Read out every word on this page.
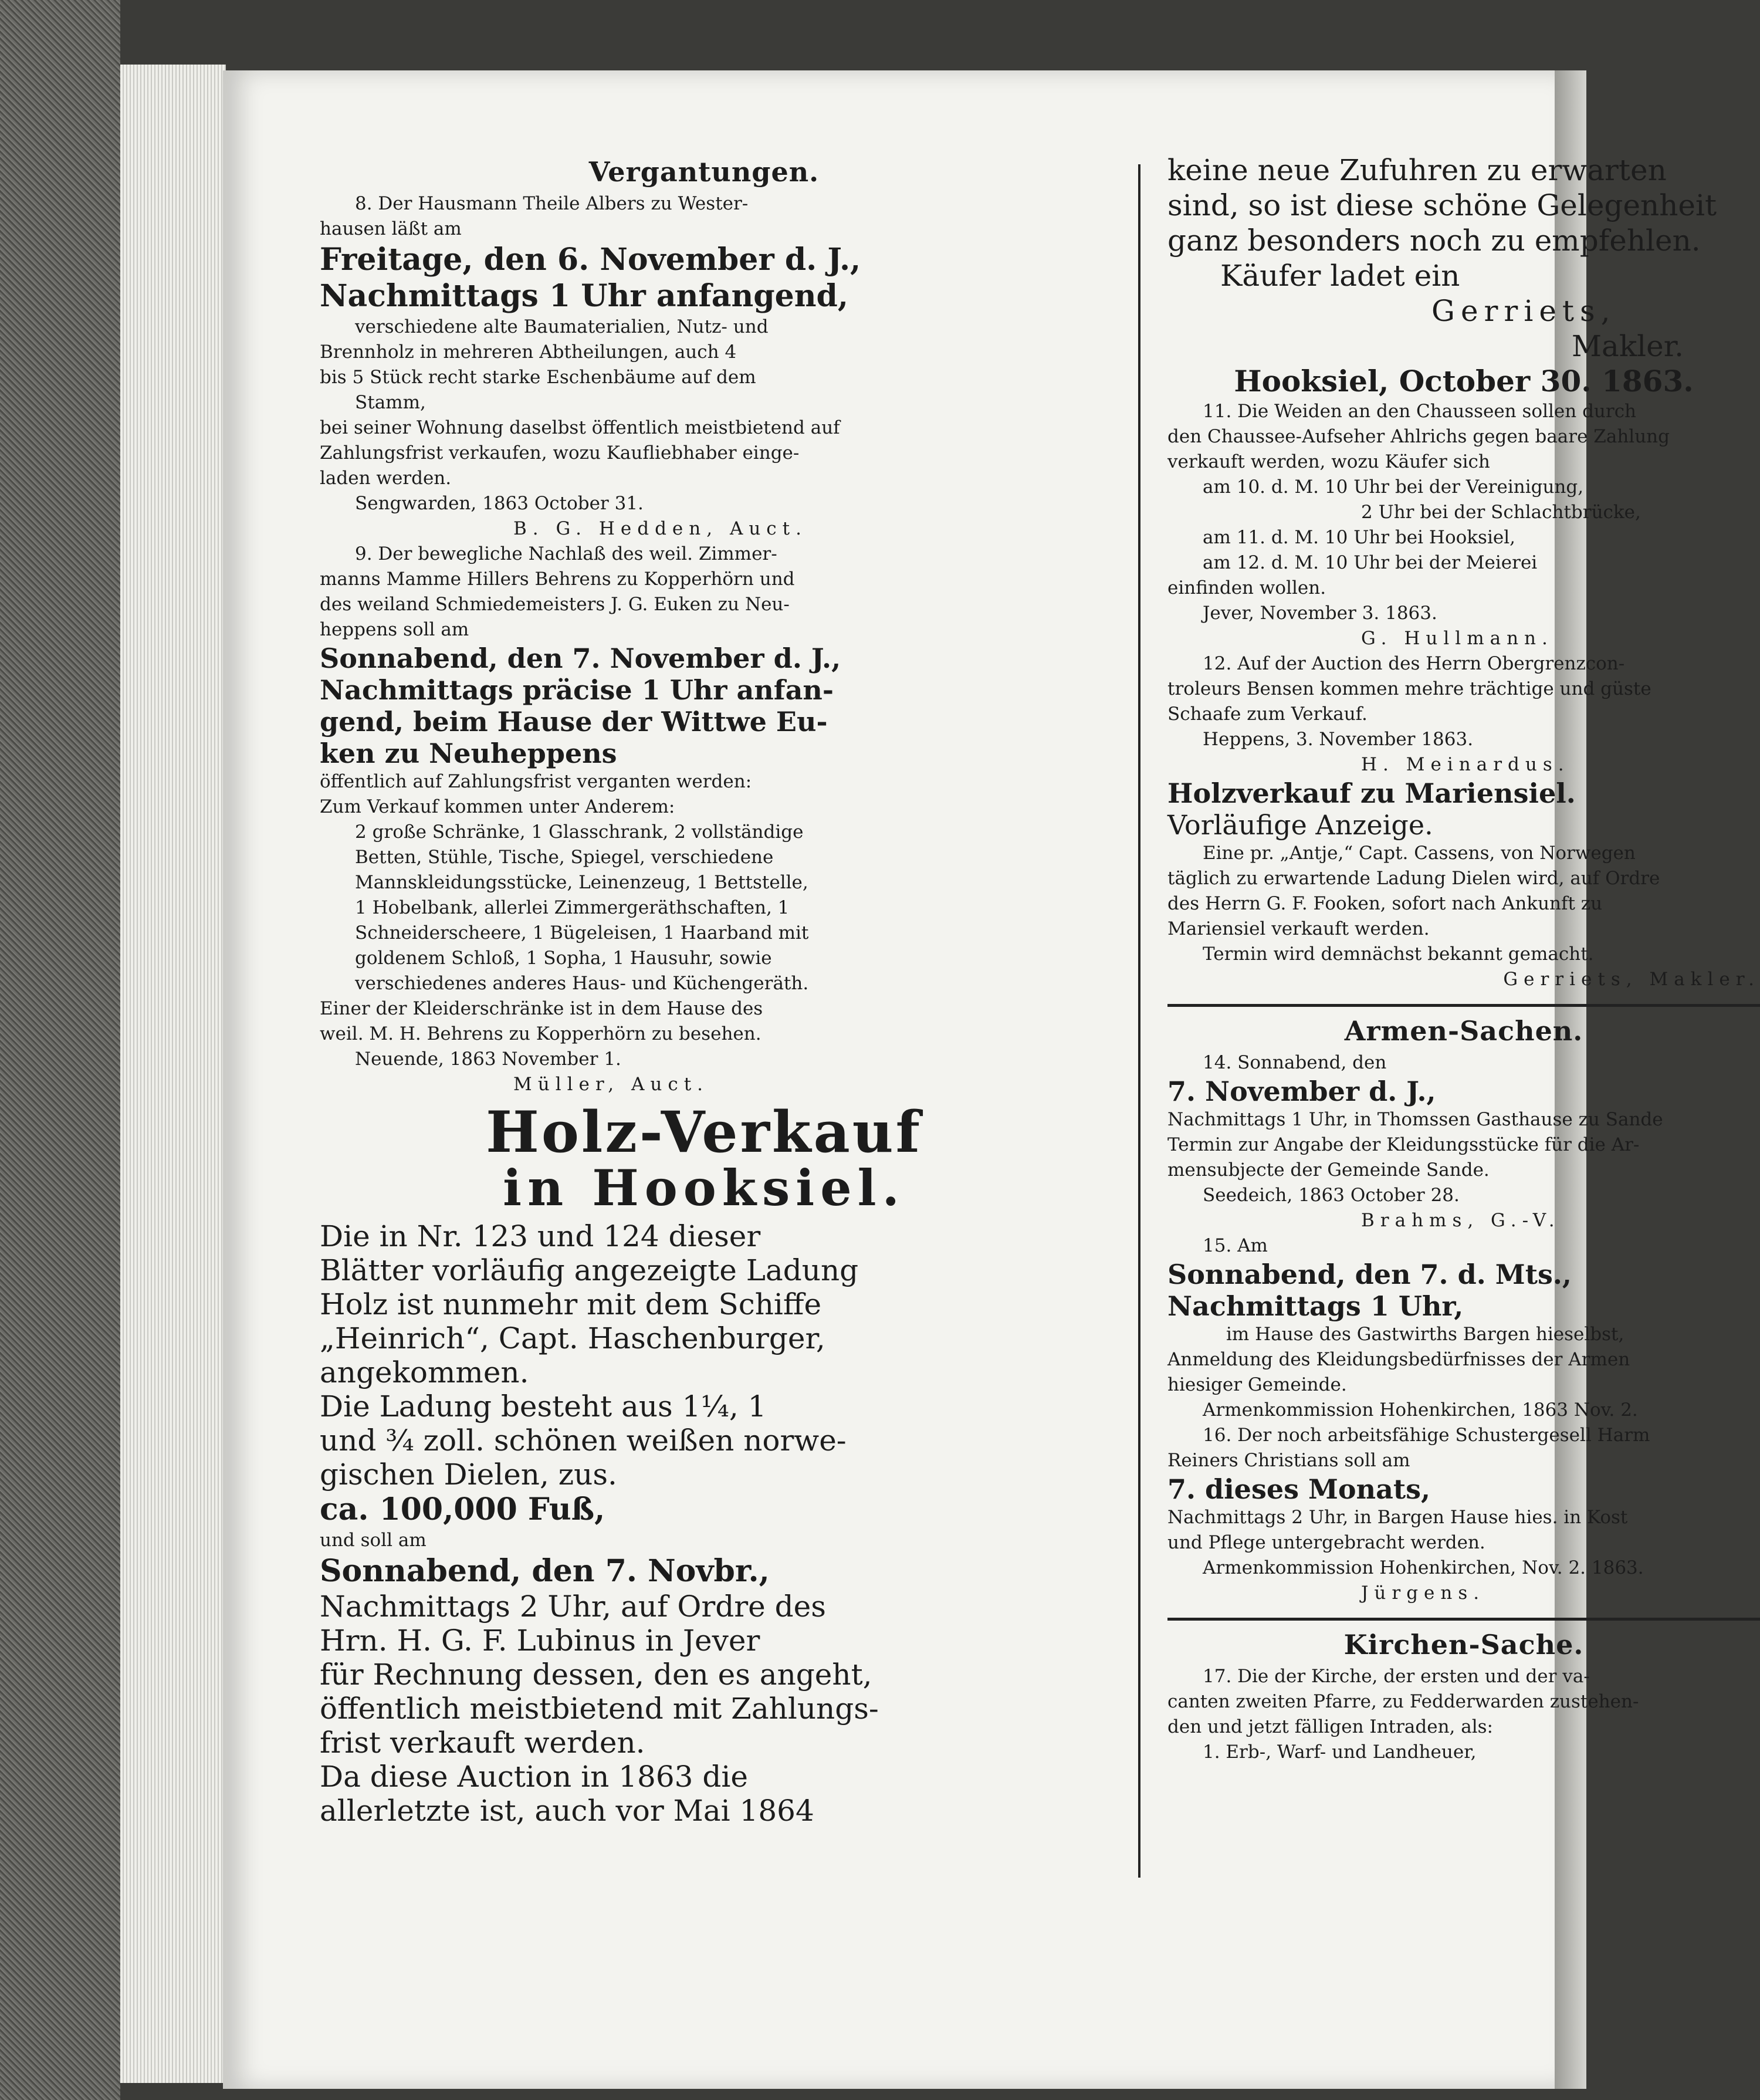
Vergantungen.

8. Der Hausmann Theile Albers zu Wester-

hausen läßt am

Freitage, den 6. November d. J.,

Nachmittags 1 Uhr anfangend,

verschiedene alte Baumaterialien, Nutz- und

Brennholz in mehreren Abtheilungen, auch 4

bis 5 Stück recht starke Eschenbäume auf dem

Stamm,

bei seiner Wohnung daselbst öffentlich meistbietend auf

Zahlungsfrist verkaufen, wozu Kaufliebhaber einge-

laden werden.

Sengwarden, 1863 October 31.

B. G. Hedden, Auct.

9. Der bewegliche Nachlaß des weil. Zimmer-

manns Mamme Hillers Behrens zu Kopperhörn und

des weiland Schmiedemeisters J. G. Euken zu Neu-

heppens soll am

Sonnabend, den 7. November d. J.,

Nachmittags präcise 1 Uhr anfan-

gend, beim Hause der Wittwe Eu-

ken zu Neuheppens

öffentlich auf Zahlungsfrist verganten werden:

Zum Verkauf kommen unter Anderem:

2 große Schränke, 1 Glasschrank, 2 vollständige

Betten, Stühle, Tische, Spiegel, verschiedene

Mannskleidungsstücke, Leinenzeug, 1 Bettstelle,

1 Hobelbank, allerlei Zimmergeräthschaften, 1

Schneiderscheere, 1 Bügeleisen, 1 Haarband mit

goldenem Schloß, 1 Sopha, 1 Hausuhr, sowie

verschiedenes anderes Haus- und Küchengeräth.

Einer der Kleiderschränke ist in dem Hause des

weil. M. H. Behrens zu Kopperhörn zu besehen.

Neuende, 1863 November 1.

Müller, Auct.

Holz-Verkauf
in Hooksiel.

Die in Nr. 123 und 124 dieser

Blätter vorläufig angezeigte Ladung

Holz ist nunmehr mit dem Schiffe

„Heinrich“, Capt. Haschenburger,

angekommen.

Die Ladung besteht aus 1¼, 1

und ¾ zoll. schönen weißen norwe-

gischen Dielen, zus.

ca. 100,000 Fuß,

und soll am

Sonnabend, den 7. Novbr.,

Nachmittags 2 Uhr, auf Ordre des

Hrn. H. G. F. Lubinus in Jever

für Rechnung dessen, den es angeht,

öffentlich meistbietend mit Zahlungs-

frist verkauft werden.

Da diese Auction in 1863 die

allerletzte ist, auch vor Mai 1864

keine neue Zufuhren zu erwarten

sind, so ist diese schöne Gelegenheit

ganz besonders noch zu empfehlen.

Käufer ladet ein

Gerriets,

Makler.

Hooksiel, October 30. 1863.

11. Die Weiden an den Chausseen sollen durch

den Chaussee-Aufseher Ahlrichs gegen baare Zahlung

verkauft werden, wozu Käufer sich

am 10. d. M. 10 Uhr bei der Vereinigung,

2 Uhr bei der Schlachtbrücke,

am 11. d. M. 10 Uhr bei Hooksiel,

am 12. d. M. 10 Uhr bei der Meierei

einfinden wollen.

Jever, November 3. 1863.

G. Hullmann.

12. Auf der Auction des Herrn Obergrenzcon-

troleurs Bensen kommen mehre trächtige und güste

Schaafe zum Verkauf.

Heppens, 3. November 1863.

H. Meinardus.

Holzverkauf zu Mariensiel.

Vorläufige Anzeige.

Eine pr. „Antje,“ Capt. Cassens, von Norwegen

täglich zu erwartende Ladung Dielen wird, auf Ordre

des Herrn G. F. Fooken, sofort nach Ankunft zu

Mariensiel verkauft werden.

Termin wird demnächst bekannt gemacht.

Gerriets, Makler.

Armen-Sachen.

14. Sonnabend, den

7. November d. J.,

Nachmittags 1 Uhr, in Thomssen Gasthause zu Sande

Termin zur Angabe der Kleidungsstücke für die Ar-

mensubjecte der Gemeinde Sande.

Seedeich, 1863 October 28.

Brahms, G.-V.

15. Am

Sonnabend, den 7. d. Mts.,

Nachmittags 1 Uhr,

im Hause des Gastwirths Bargen hieselbst,

Anmeldung des Kleidungsbedürfnisses der Armen

hiesiger Gemeinde.

Armenkommission Hohenkirchen, 1863 Nov. 2.

16. Der noch arbeitsfähige Schustergesell Harm

Reiners Christians soll am

7. dieses Monats,

Nachmittags 2 Uhr, in Bargen Hause hies. in Kost

und Pflege untergebracht werden.

Armenkommission Hohenkirchen, Nov. 2. 1863.

Jürgens.

Kirchen-Sache.

17. Die der Kirche, der ersten und der va-

canten zweiten Pfarre, zu Fedderwarden zustehen-

den und jetzt fälligen Intraden, als:

1. Erb-, Warf- und Landheuer,
